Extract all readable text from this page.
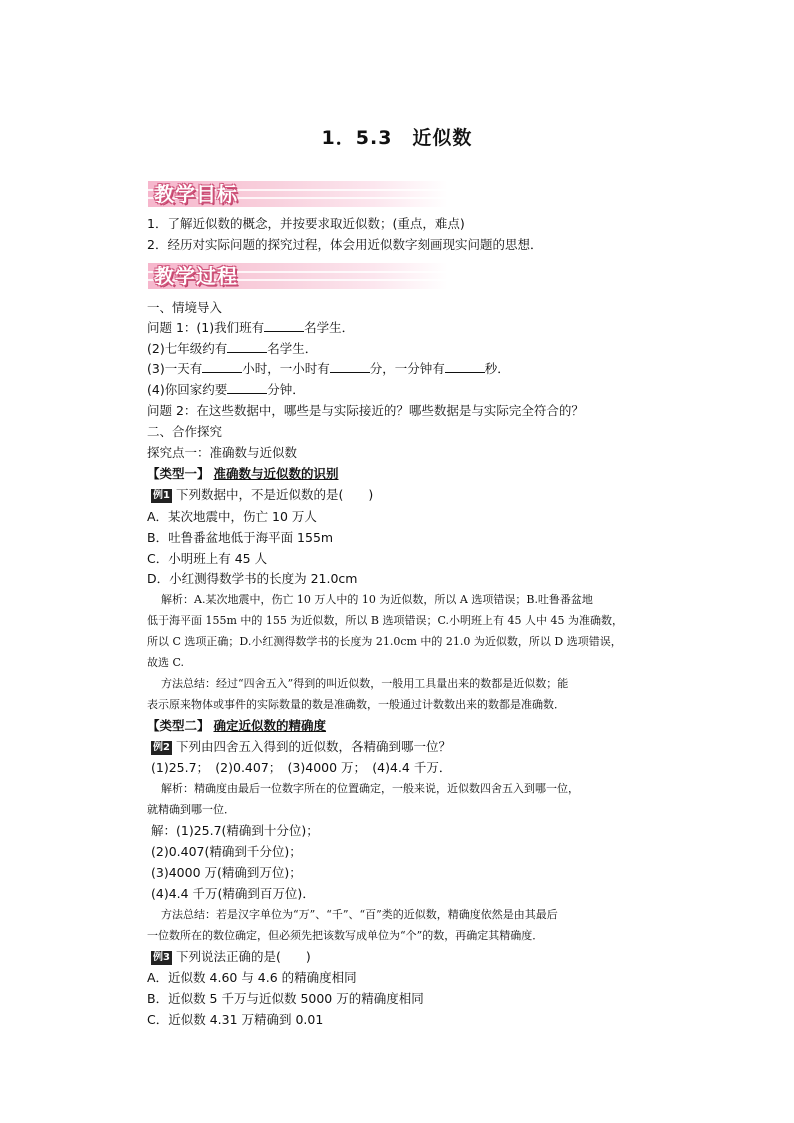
1．5.3　近似数
教学目标
1．了解近似数的概念，并按要求取近似数；(重点，难点)
2．经历对实际问题的探究过程，体会用近似数字刻画现实问题的思想．
教学过程
一、情境导入
问题 1：(1)我们班有	名学生．
(2)七年级约有	名学生．
(3)一天有	小时，一小时有	分，一分钟有	秒．
(4)你回家约要	分钟．
问题 2：在这些数据中，哪些是与实际接近的？哪些数据是与实际完全符合的？
二、合作探究
探究点一：准确数与近似数
【类型一】 准确数与近似数的识别
例1 下列数据中，不是近似数的是(　　)
A．某次地震中，伤亡 10 万人
B．吐鲁番盆地低于海平面 155m
C．小明班上有 45 人
D．小红测得数学书的长度为 21.0cm
解析：A.某次地震中，伤亡 10 万人中的 10 为近似数，所以 A 选项错误；B.吐鲁番盆地
低于海平面 155m 中的 155 为近似数，所以 B 选项错误；C.小明班上有 45 人中 45 为准确数，
所以 C 选项正确；D.小红测得数学书的长度为 21.0cm 中的 21.0 为近似数，所以 D 选项错误，
故选 C.
方法总结：经过“四舍五入”得到的叫近似数，一般用工具量出来的数都是近似数；能
表示原来物体或事件的实际数量的数是准确数，一般通过计数数出来的数都是准确数．
【类型二】 确定近似数的精确度
例2 下列由四舍五入得到的近似数，各精确到哪一位？
(1)25.7；　(2)0.407；　(3)4000 万；　(4)4.4 千万．
解析：精确度由最后一位数字所在的位置确定，一般来说，近似数四舍五入到哪一位，
就精确到哪一位．
解：(1)25.7(精确到十分位)；
(2)0.407(精确到千分位)；
(3)4000 万(精确到万位)；
(4)4.4 千万(精确到百万位)．
方法总结：若是汉字单位为“万”、“千”、“百”类的近似数，精确度依然是由其最后
一位数所在的数位确定，但必须先把该数写成单位为“个”的数，再确定其精确度．
例3 下列说法正确的是(　　)
A．近似数 4.60 与 4.6 的精确度相同
B．近似数 5 千万与近似数 5000 万的精确度相同
C．近似数 4.31 万精确到 0.01
